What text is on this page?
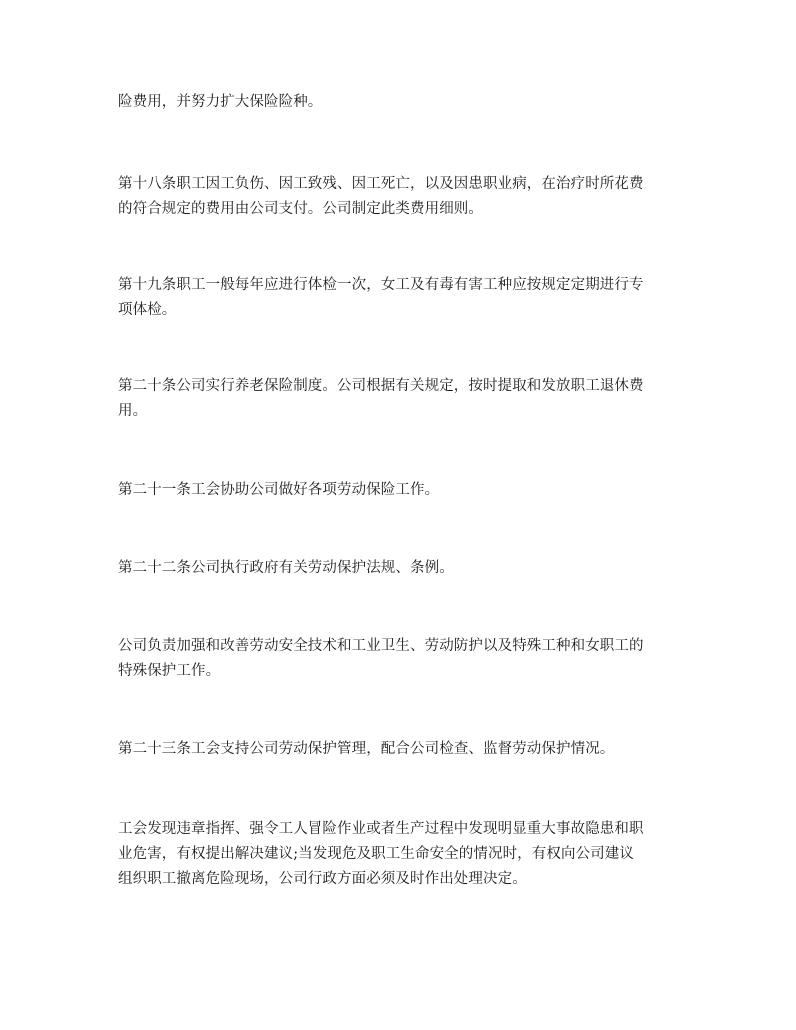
险费用，并努力扩大保险险种。

第十八条职工因工负伤、因工致残、因工死亡，以及因患职业病，在治疗时所花费
的符合规定的费用由公司支付。公司制定此类费用细则。

第十九条职工一般每年应进行体检一次，女工及有毒有害工种应按规定定期进行专
项体检。

第二十条公司实行养老保险制度。公司根据有关规定，按时提取和发放职工退休费
用。

第二十一条工会协助公司做好各项劳动保险工作。

第二十二条公司执行政府有关劳动保护法规、条例。

公司负责加强和改善劳动安全技术和工业卫生、劳动防护以及特殊工种和女职工的
特殊保护工作。

第二十三条工会支持公司劳动保护管理，配合公司检查、监督劳动保护情况。

工会发现违章指挥、强令工人冒险作业或者生产过程中发现明显重大事故隐患和职
业危害，有权提出解决建议;当发现危及职工生命安全的情况时，有权向公司建议
组织职工撤离危险现场，公司行政方面必须及时作出处理决定。
